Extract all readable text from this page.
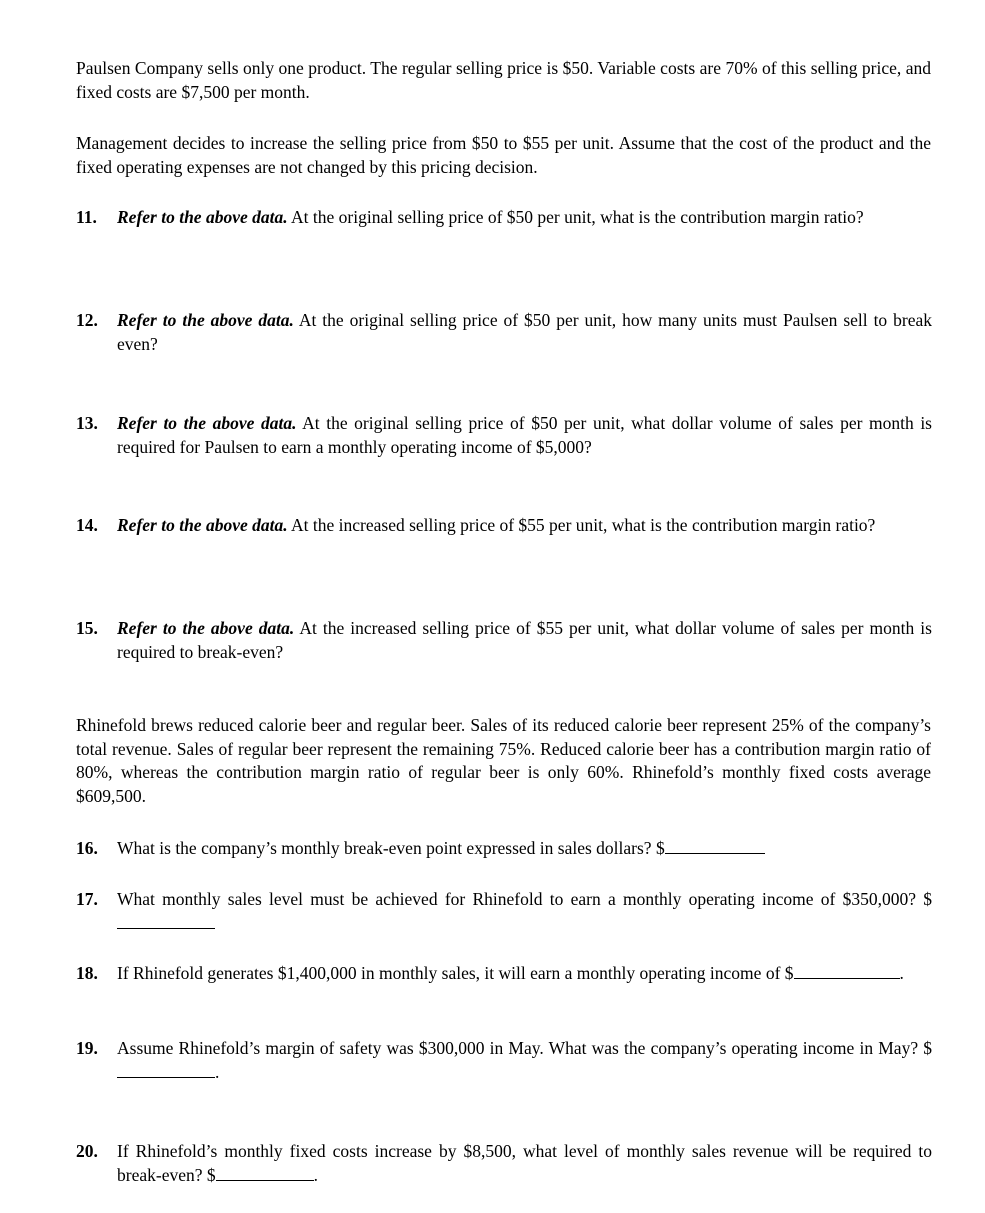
Paulsen Company sells only one product. The regular selling price is $50. Variable costs are 70% of this selling price, and fixed costs are $7,500 per month.

Management decides to increase the selling price from $50 to $55 per unit. Assume that the cost of the product and the fixed operating expenses are not changed by this pricing decision.

11. Refer to the above data. At the original selling price of $50 per unit, what is the contribution margin ratio?
12. Refer to the above data. At the original selling price of $50 per unit, how many units must Paulsen sell to break even?
13. Refer to the above data. At the original selling price of $50 per unit, what dollar volume of sales per month is required for Paulsen to earn a monthly operating income of $5,000?
14. Refer to the above data. At the increased selling price of $55 per unit, what is the contribution margin ratio?
15. Refer to the above data. At the increased selling price of $55 per unit, what dollar volume of sales per month is required to break-even?

Rhinefold brews reduced calorie beer and regular beer. Sales of its reduced calorie beer represent 25% of the company’s total revenue. Sales of regular beer represent the remaining 75%. Reduced calorie beer has a contribution margin ratio of 80%, whereas the contribution margin ratio of regular beer is only 60%. Rhinefold’s monthly fixed costs average $609,500.

16. What is the company’s monthly break-even point expressed in sales dollars? $
17. What monthly sales level must be achieved for Rhinefold to earn a monthly operating income of $350,000? $
18. If Rhinefold generates $1,400,000 in monthly sales, it will earn a monthly operating income of $	.
19. Assume Rhinefold’s margin of safety was $300,000 in May. What was the company’s operating income in May? $.
20. If Rhinefold’s monthly fixed costs increase by $8,500, what level of monthly sales revenue will be required to break-even? $	.
